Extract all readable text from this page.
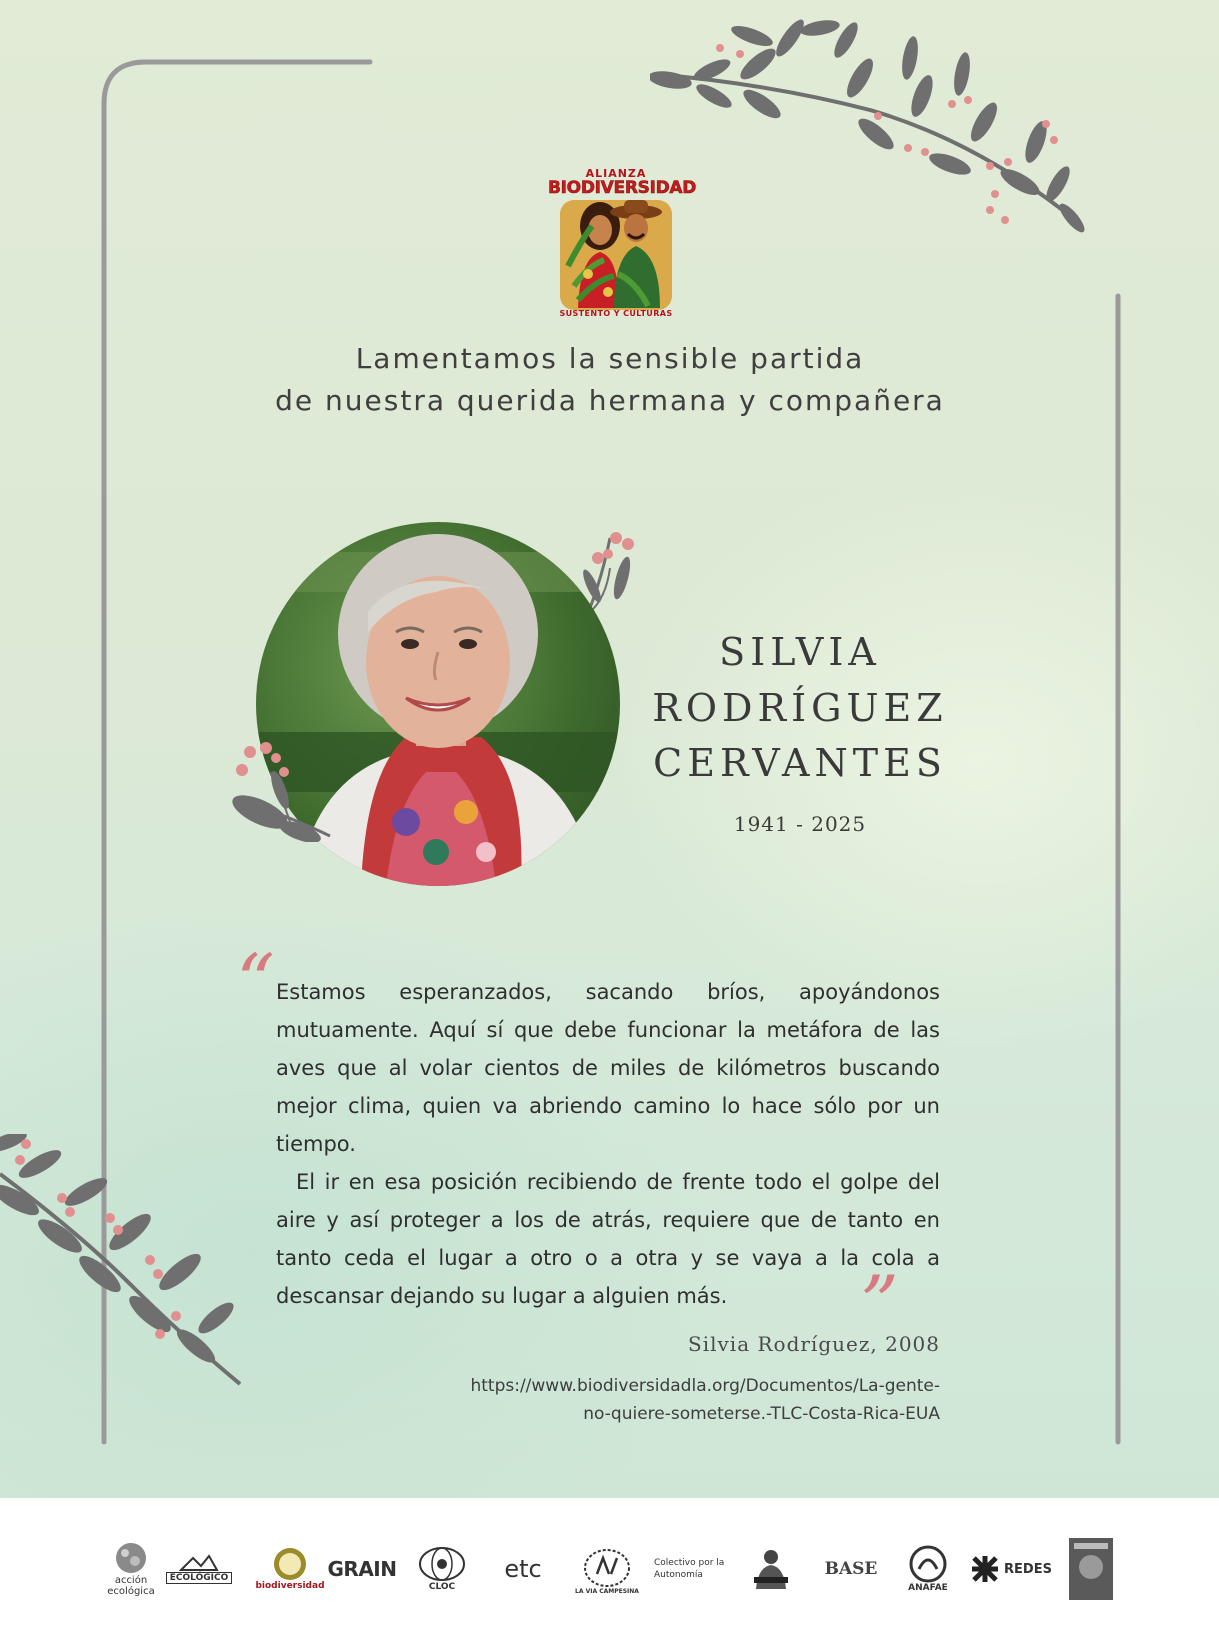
ALIANZA
BIODIVERSIDAD
SUSTENTO Y CULTURAS
Lamentamos la sensible partida
de nuestra querida hermana y compañera
SILVIA
RODRÍGUEZ
CERVANTES
1941 - 2025
“ Estamos esperanzados, sacando bríos, apoyándonos mutuamente. Aquí sí que debe funcionar la metáfora de las aves que al volar cientos de miles de kilómetros buscando mejor clima, quien va abriendo camino lo hace sólo por un tiempo.

El ir en esa posición recibiendo de frente todo el golpe del aire y así proteger a los de atrás, requiere que de tanto en tanto ceda el lugar a otro o a otra y se vaya a la cola a descansar dejando su lugar a alguien más.	”
Silvia Rodríguez, 2008
https://www.biodiversidadla.org/Documentos/La-gente-
no-quiere-someterse.-TLC-Costa-Rica-EUA
acción ecológica
ECOLÓGICO
biodiversidad
GRAIN
CLOC
etc
LA VIA CAMPESINA
Colectivo por la Autonomía	BASE
ANAFAE
REDES
